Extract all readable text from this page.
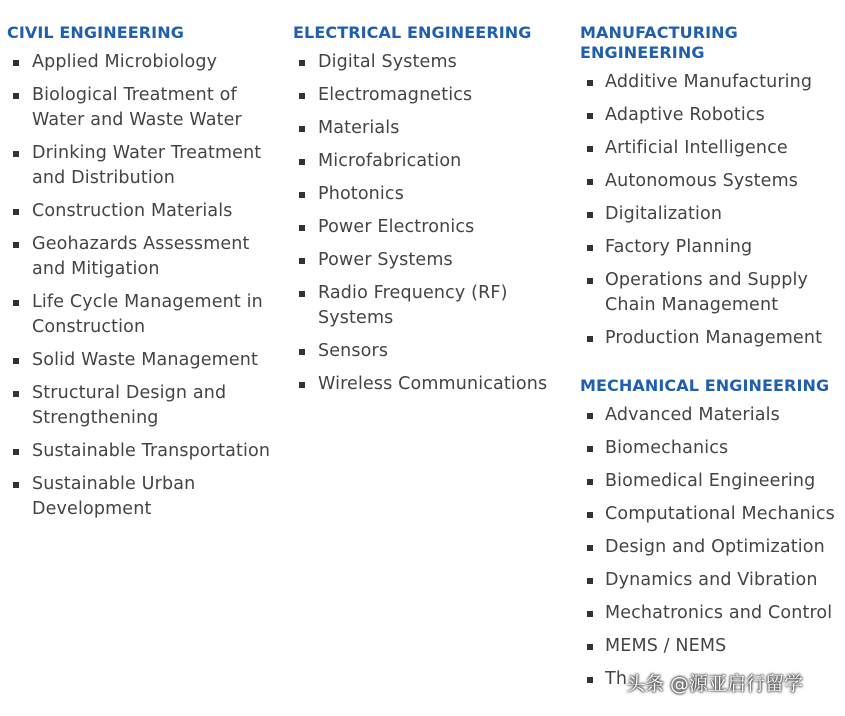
CIVIL ENGINEERING
Applied Microbiology
Biological Treatment of Water and Waste Water
Drinking Water Treatment and Distribution
Construction Materials
Geohazards Assessment and Mitigation
Life Cycle Management in Construction
Solid Waste Management
Structural Design and Strengthening
Sustainable Transportation
Sustainable Urban Development
ELECTRICAL ENGINEERING
Digital Systems
Electromagnetics
Materials
Microfabrication
Photonics
Power Electronics
Power Systems
Radio Frequency (RF) Systems
Sensors
Wireless Communications
MANUFACTURING ENGINEERING
Additive Manufacturing
Adaptive Robotics
Artificial Intelligence
Autonomous Systems
Digitalization
Factory Planning
Operations and Supply Chain Management
Production Management
MECHANICAL ENGINEERING
Advanced Materials
Biomechanics
Biomedical Engineering
Computational Mechanics
Design and Optimization
Dynamics and Vibration
Mechatronics and Control
MEMS / NEMS
Th
头条 @源亚启行留学
